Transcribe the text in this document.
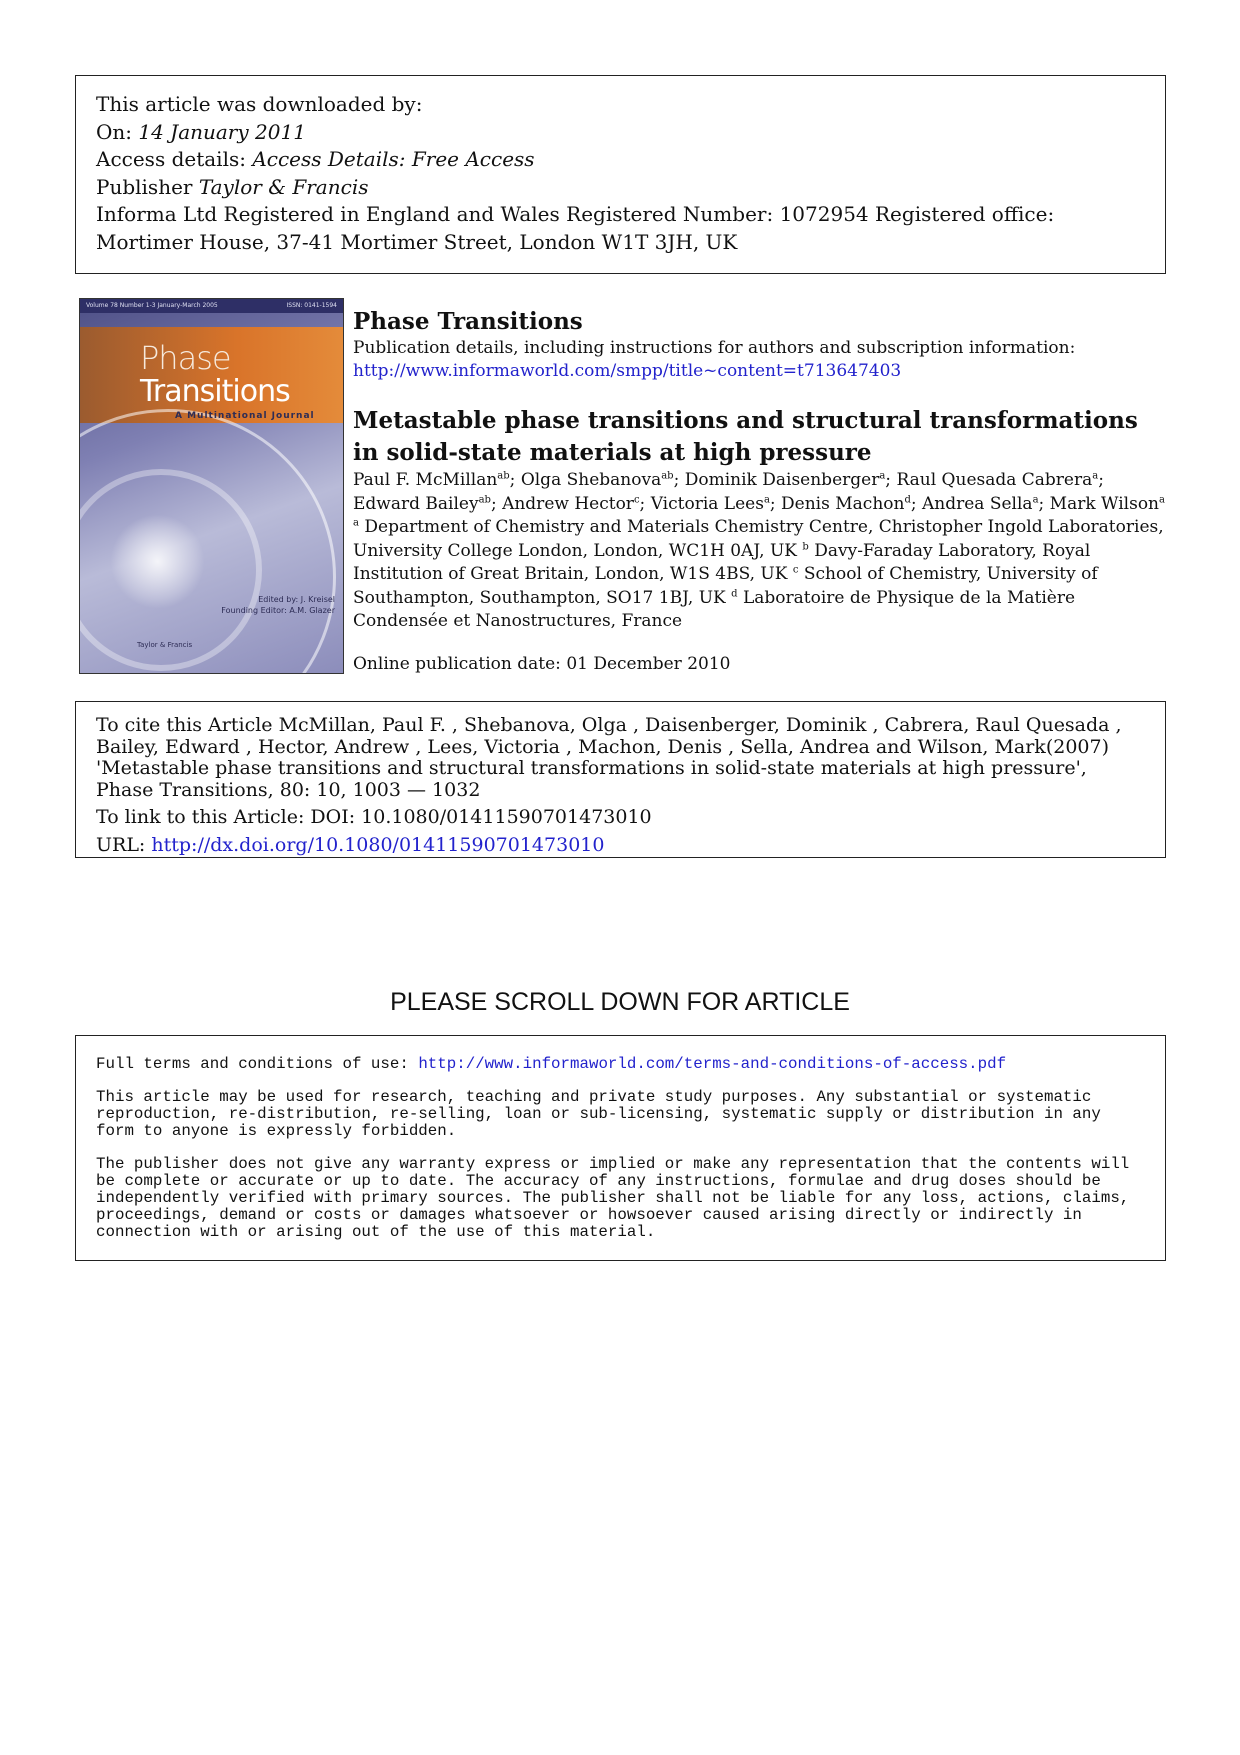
This article was downloaded by:
On: 14 January 2011
Access details: Access Details: Free Access
Publisher Taylor & Francis
Informa Ltd Registered in England and Wales Registered Number: 1072954 Registered office: Mortimer House, 37-41 Mortimer Street, London W1T 3JH, UK
Volume 78 Number 1-3 January-March 2005	ISSN: 0141-1594
Phase
Transitions
A Multinational Journal
Edited by: J. Kreisel
Founding Editor: A.M. Glazer
Taylor & Francis
Phase Transitions
Publication details, including instructions for authors and subscription information:
http://www.informaworld.com/smpp/title~content=t713647403
Metastable phase transitions and structural transformations in solid-state materials at high pressure
Paul F. McMillan$^{ab}$; Olga Shebanova$^{ab}$; Dominik Daisenberger$^a$; Raul Quesada Cabrera$^a$; Edward Bailey$^{ab}$; Andrew Hector$^c$; Victoria Lees$^a$; Denis Machon$^d$; Andrea Sella$^a$; Mark Wilson$^a$
$^a$ Department of Chemistry and Materials Chemistry Centre, Christopher Ingold Laboratories, University College London, London, WC1H 0AJ, UK $^b$ Davy-Faraday Laboratory, Royal Institution of Great Britain, London, W1S 4BS, UK $^c$ School of Chemistry, University of Southampton, Southampton, SO17 1BJ, UK $^d$ Laboratoire de Physique de la Matière Condensée et Nanostructures, France
Online publication date: 01 December 2010
To cite this Article McMillan, Paul F. , Shebanova, Olga , Daisenberger, Dominik , Cabrera, Raul Quesada , Bailey, Edward , Hector, Andrew , Lees, Victoria , Machon, Denis , Sella, Andrea and Wilson, Mark(2007) 'Metastable phase transitions and structural transformations in solid-state materials at high pressure', Phase Transitions, 80: 10, 1003 — 1032
To link to this Article: DOI: 10.1080/01411590701473010
URL: http://dx.doi.org/10.1080/01411590701473010
PLEASE SCROLL DOWN FOR ARTICLE

Full terms and conditions of use: http://www.informaworld.com/terms-and-conditions-of-access.pdf

This article may be used for research, teaching and private study purposes. Any substantial or systematic reproduction, re-distribution, re-selling, loan or sub-licensing, systematic supply or distribution in any form to anyone is expressly forbidden.

The publisher does not give any warranty express or implied or make any representation that the contents will be complete or accurate or up to date. The accuracy of any instructions, formulae and drug doses should be independently verified with primary sources. The publisher shall not be liable for any loss, actions, claims, proceedings, demand or costs or damages whatsoever or howsoever caused arising directly or indirectly in connection with or arising out of the use of this material.
